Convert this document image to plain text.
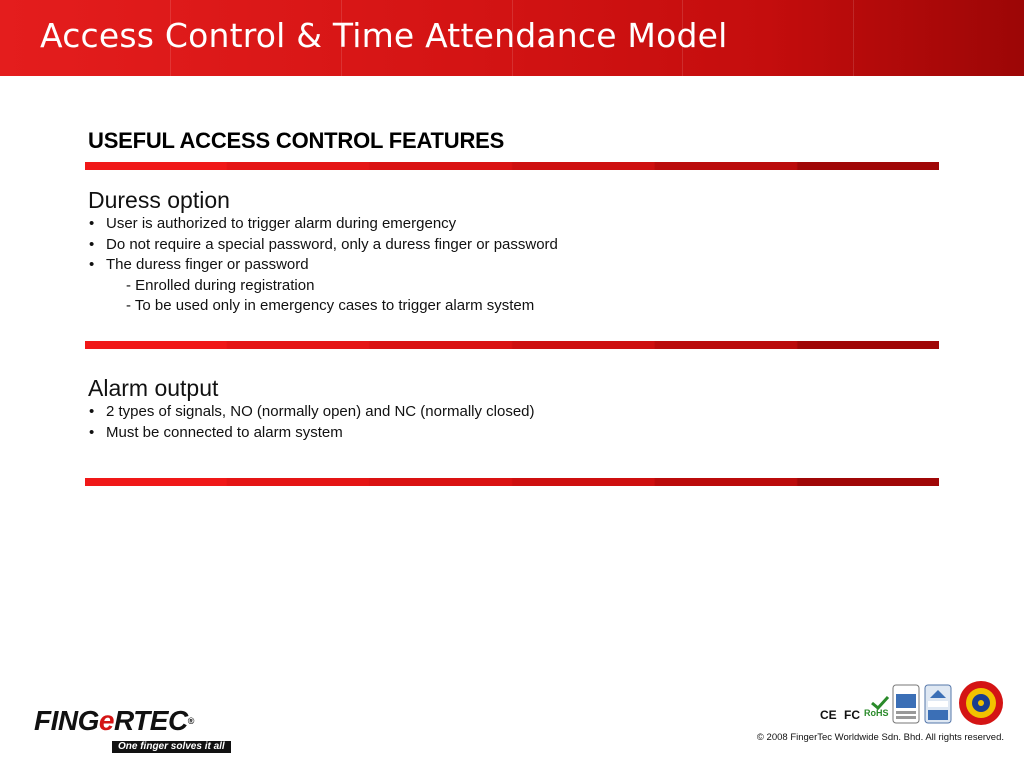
Access Control & Time Attendance Model
USEFUL ACCESS CONTROL FEATURES
Duress option
• User is authorized to trigger alarm during emergency
• Do not require a special password, only a duress finger or password
• The duress finger or password
- Enrolled during registration
- To be used only in emergency cases to trigger alarm system
Alarm output
• 2 types of signals, NO (normally open) and NC (normally closed)
• Must be connected to alarm system
FINGeRTEC®
One finger solves it all
CE FC RoHS
© 2008 FingerTec Worldwide Sdn. Bhd. All rights reserved.
